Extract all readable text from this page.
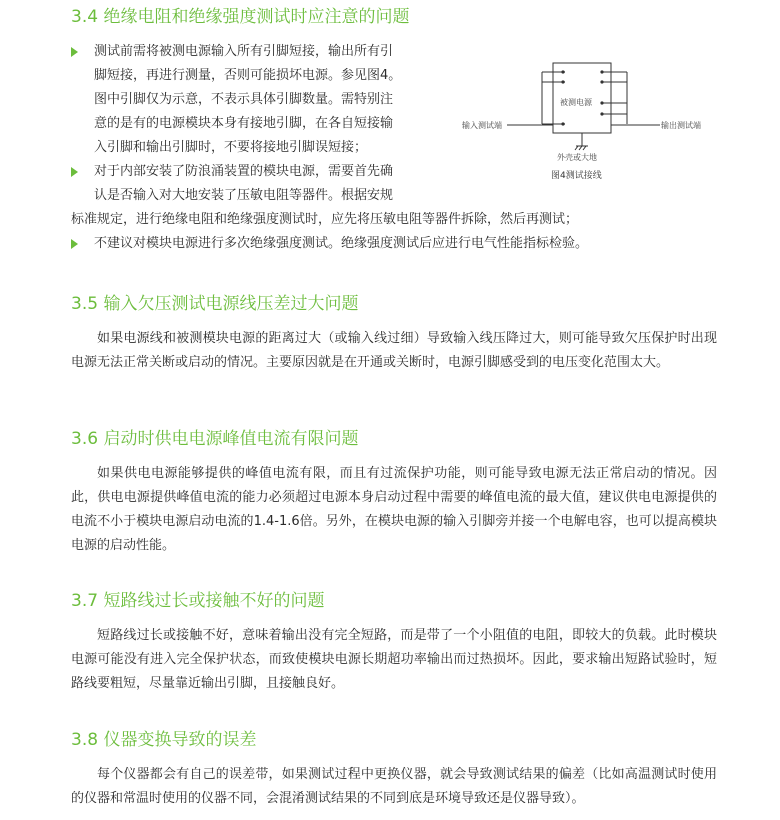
3.4 绝缘电阻和绝缘强度测试时应注意的问题
测试前需将被测电源输入所有引脚短接，输出所有引
脚短接，再进行测量，否则可能损坏电源。参见图4。
图中引脚仅为示意，不表示具体引脚数量。需特别注
意的是有的电源模块本身有接地引脚，在各自短接输
入引脚和输出引脚时，不要将接地引脚误短接；
对于内部安装了防浪涌装置的模块电源，需要首先确
认是否输入对大地安装了压敏电阻等器件。根据安规
标准规定，进行绝缘电阻和绝缘强度测试时，应先将压敏电阻等器件拆除，然后再测试；
不建议对模块电源进行多次绝缘强度测试。绝缘强度测试后应进行电气性能指标检验。
被测电源
输入测试端	输出测试端
外壳或大地
图4测试接线
3.5 输入欠压测试电源线压差过大问题

如果电源线和被测模块电源的距离过大（或输入线过细）导致输入线压降过大，则可能导致欠压保护时出现电源无法正常关断或启动的情况。主要原因就是在开通或关断时，电源引脚感受到的电压变化范围太大。

3.6 启动时供电电源峰值电流有限问题

如果供电电源能够提供的峰值电流有限，而且有过流保护功能，则可能导致电源无法正常启动的情况。因此，供电电源提供峰值电流的能力必须超过电源本身启动过程中需要的峰值电流的最大值，建议供电电源提供的电流不小于模块电源启动电流的1.4-1.6倍。另外，在模块电源的输入引脚旁并接一个电解电容，也可以提高模块电源的启动性能。

3.7 短路线过长或接触不好的问题

短路线过长或接触不好，意味着输出没有完全短路，而是带了一个小阻值的电阻，即较大的负载。此时模块电源可能没有进入完全保护状态，而致使模块电源长期超功率输出而过热损坏。因此，要求输出短路试验时，短路线要粗短，尽量靠近输出引脚，且接触良好。

3.8 仪器变换导致的误差

每个仪器都会有自己的误差带，如果测试过程中更换仪器，就会导致测试结果的偏差（比如高温测试时使用的仪器和常温时使用的仪器不同，会混淆测试结果的不同到底是环境导致还是仪器导致）。
